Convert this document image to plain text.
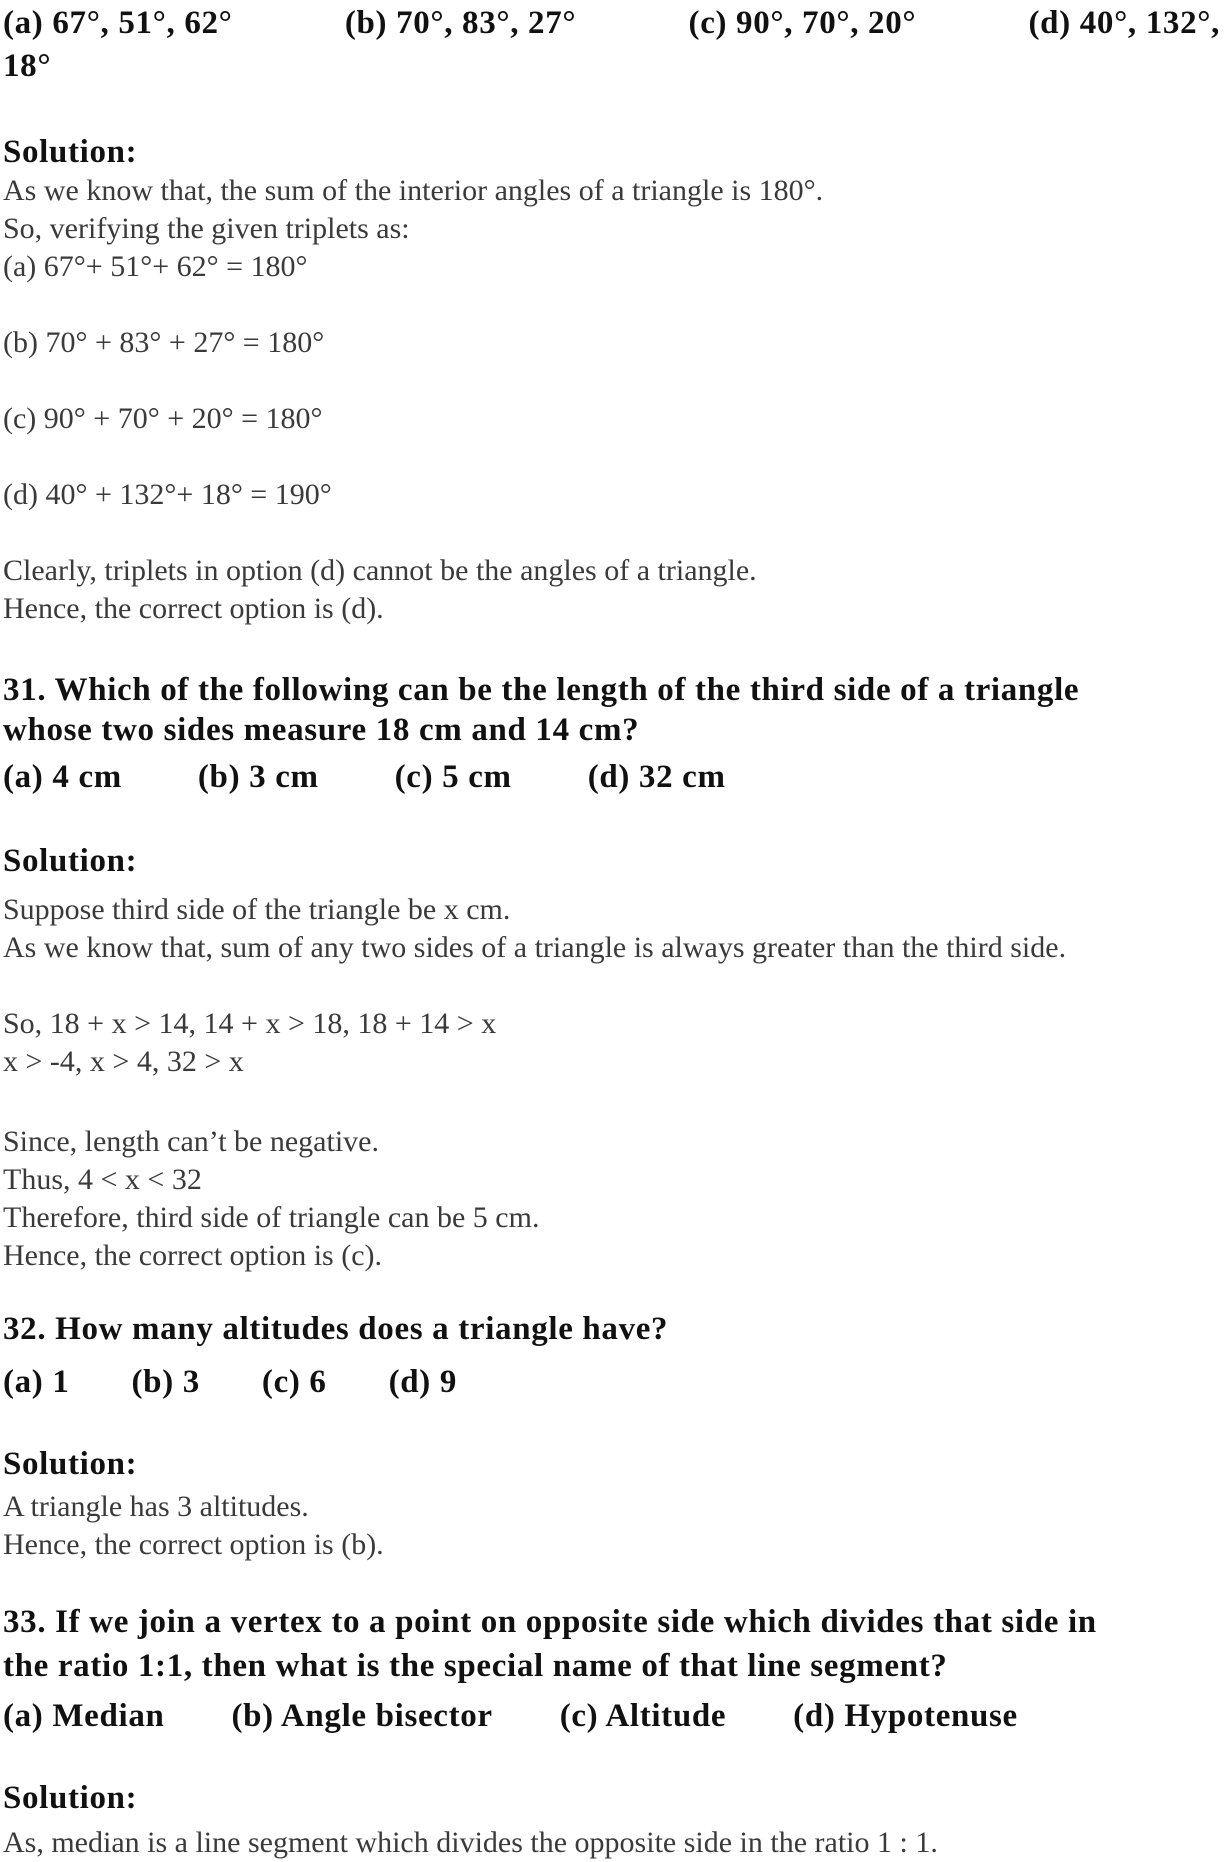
(a) 67°, 51°, 62°	(b) 70°, 83°, 27°	(c) 90°, 70°, 20°	(d) 40°, 132°,
18°
Solution:
As we know that, the sum of the interior angles of a triangle is 180°.
So, verifying the given triplets as:
(a) 67°+ 51°+ 62° = 180°
(b) 70° + 83° + 27° = 180°
(c) 90° + 70° + 20° = 180°
(d) 40° + 132°+ 18° = 190°
Clearly, triplets in option (d) cannot be the angles of a triangle.
Hence, the correct option is (d).
31. Which of the following can be the length of the third side of a triangle
whose two sides measure 18 cm and 14 cm?
(a) 4 cm (b) 3 cm (c) 5 cm (d) 32 cm
Solution:
Suppose third side of the triangle be x cm.
As we know that, sum of any two sides of a triangle is always greater than the third side.
So, 18 + x > 14, 14 + x > 18, 18 + 14 > x
x > -4, x > 4, 32 > x
Since, length can’t be negative.
Thus, 4 < x < 32
Therefore, third side of triangle can be 5 cm.
Hence, the correct option is (c).
32. How many altitudes does a triangle have?
(a) 1 (b) 3 (c) 6 (d) 9
Solution:
A triangle has 3 altitudes.
Hence, the correct option is (b).
33. If we join a vertex to a point on opposite side which divides that side in
the ratio 1:1, then what is the special name of that line segment?
(a) Median (b) Angle bisector (c) Altitude (d) Hypotenuse
Solution:
As, median is a line segment which divides the opposite side in the ratio 1 : 1.
